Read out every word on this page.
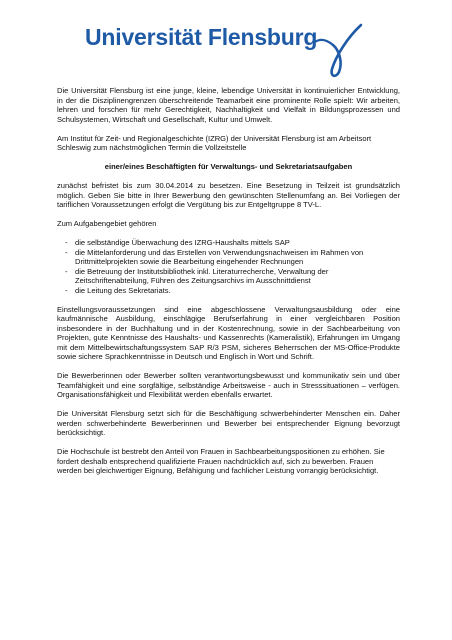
Universität Flensburg

Die Universität Flensburg ist eine junge, kleine, lebendige Universität in kontinuierlicher Entwicklung, in der die Disziplinengrenzen überschreitende Teamarbeit eine prominente Rolle spielt: Wir arbeiten, lehren und forschen für mehr Gerechtigkeit, Nachhaltigkeit und Vielfalt in Bildungsprozessen und Schulsystemen, Wirtschaft und Gesellschaft, Kultur und Umwelt.

Am Institut für Zeit- und Regionalgeschichte (IZRG) der Universität Flensburg ist am Arbeitsort Schleswig zum nächstmöglichen Termin die Vollzeitstelle

einer/eines Beschäftigten für Verwaltungs- und Sekretariatsaufgaben

zunächst befristet bis zum 30.04.2014 zu besetzen. Eine Besetzung in Teilzeit ist grundsätzlich möglich. Geben Sie bitte in Ihrer Bewerbung den gewünschten Stellenumfang an. Bei Vorliegen der tariflichen Voraussetzungen erfolgt die Vergütung bis zur Entgeltgruppe 8 TV-L.

Zum Aufgabengebiet gehören

- die selbständige Überwachung des IZRG-Haushalts mittels SAP
- die Mittelanforderung und das Erstellen von Verwendungsnachweisen im Rahmen von Drittmittelprojekten sowie die Bearbeitung eingehender Rechnungen
- die Betreuung der Institutsbibliothek inkl. Literaturrecherche, Verwaltung der Zeitschriftenabteilung, Führen des Zeitungsarchivs im Ausschnittdienst
- die Leitung des Sekretariats.

Einstellungsvoraussetzungen sind eine abgeschlossene Verwaltungsausbildung oder eine kaufmännische Ausbildung, einschlägige Berufserfahrung in einer vergleichbaren Position insbesondere in der Buchhaltung und in der Kostenrechnung, sowie in der Sachbearbeitung von Projekten, gute Kenntnisse des Haushalts- und Kassenrechts (Kameralistik), Erfahrungen im Umgang mit dem Mittelbewirtschaftungssystem SAP R/3 PSM, sicheres Beherrschen der MS-Office-Produkte sowie sichere Sprachkenntnisse in Deutsch und Englisch in Wort und Schrift.

Die Bewerberinnen oder Bewerber sollten verantwortungsbewusst und kommunikativ sein und über Teamfähigkeit und eine sorgfältige, selbständige Arbeitsweise - auch in Stresssituationen – verfügen. Organisationsfähigkeit und Flexibilität werden ebenfalls erwartet.

Die Universität Flensburg setzt sich für die Beschäftigung schwerbehinderter Menschen ein. Daher werden schwerbehinderte Bewerberinnen und Bewerber bei entsprechender Eignung bevorzugt berücksichtigt.

Die Hochschule ist bestrebt den Anteil von Frauen in Sachbearbeitungspositionen zu erhöhen. Sie fordert deshalb entsprechend qualifizierte Frauen nachdrücklich auf, sich zu bewerben. Frauen werden bei gleichwertiger Eignung, Befähigung und fachlicher Leistung vorrangig berücksichtigt.
